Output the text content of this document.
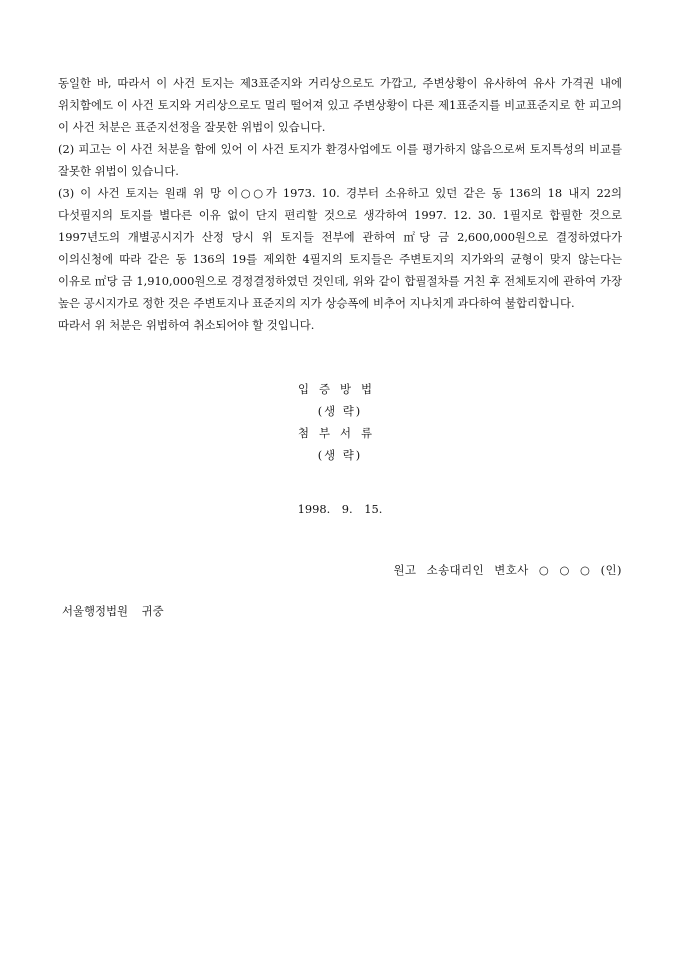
동일한 바, 따라서 이 사건 토지는 제3표준지와 거리상으로도 가깝고, 주변상황이 유사하여 유사 가격권 내에 위치함에도 이 사건 토지와 거리상으로도 멀리 떨어져 있고 주변상황이 다른 제1표준지를 비교표준지로 한 피고의 이 사건 처분은 표준지선정을 잘못한 위법이 있습니다.

(2) 피고는 이 사건 처분을 함에 있어 이 사건 토지가 환경사업에도 이를 평가하지 않음으로써 토지특성의 비교를 잘못한 위법이 있습니다.

(3) 이 사건 토지는 원래 위 망 이○○가 1973. 10. 경부터 소유하고 있던 같은 동 136의 18 내지 22의 다섯필지의 토지를 별다른 이유 없이 단지 편리할 것으로 생각하여 1997. 12. 30. 1필지로 합필한 것으로 1997년도의 개별공시지가 산정 당시 위 토지들 전부에 관하여 ㎡당 금 2,600,000원으로 결정하였다가 이의신청에 따라 같은 동 136의 19를 제외한 4필지의 토지들은 주변토지의 지가와의 균형이 맞지 않는다는 이유로 ㎡당 금 1,910,000원으로 경정결정하였던 것인데, 위와 같이 합필절차를 거친 후 전체토지에 관하여 가장 높은 공시지가로 정한 것은 주변토지나 표준지의 지가 상승폭에 비추어 지나치게 과다하여 불합리합니다.

따라서 위 처분은 위법하여 취소되어야 할 것입니다.

입증방법
(생 략)
첨부서류
(생 략)
1998. 9. 15.
원고 소송대리인 변호사 ○ ○ ○ (인)
서울행정법원 귀중
